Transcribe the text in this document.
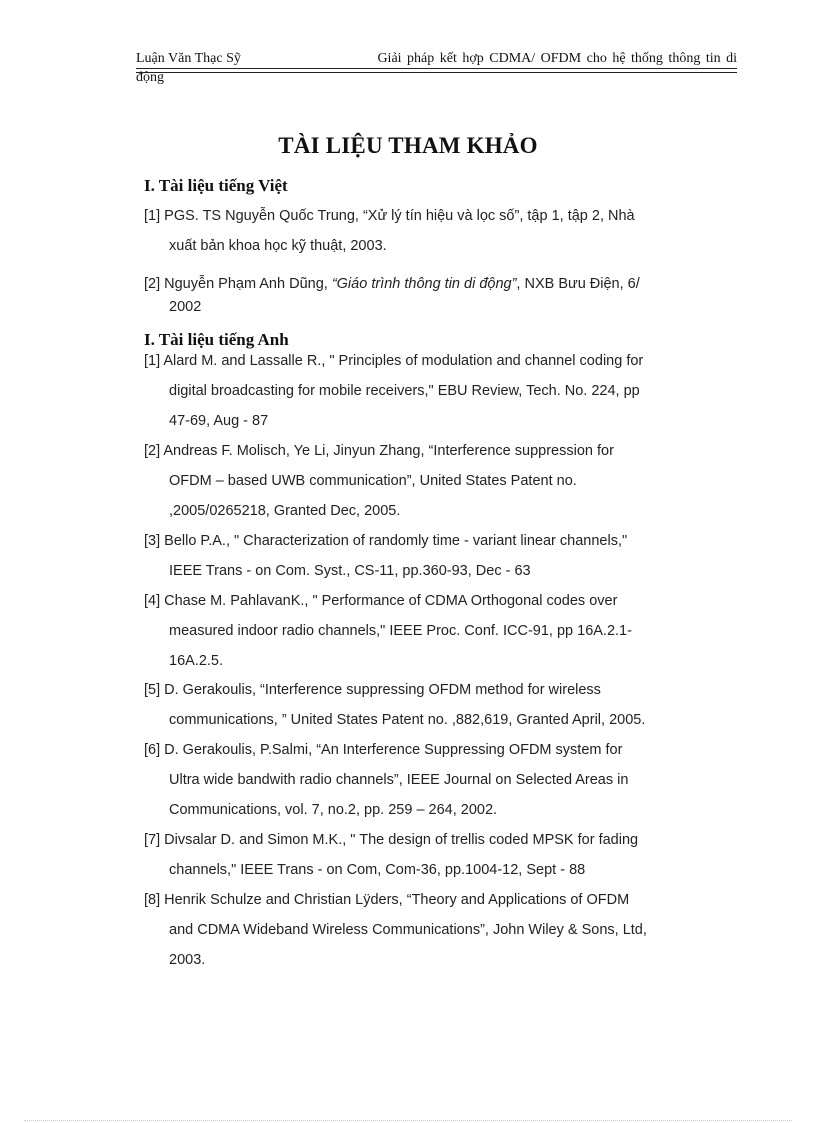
Luận Văn Thạc Sỹ	Giải pháp kết hợp CDMA/ OFDM cho hệ thống thông tin di
động
TÀI LIỆU THAM KHẢO
I. Tài liệu tiếng Việt
[1] PGS. TS Nguyễn Quốc Trung, “Xử lý tín hiệu và lọc số”, tập 1, tập 2, Nhà
xuất bản khoa học kỹ thuật, 2003.
[2] Nguyễn Phạm Anh Dũng, “Giáo trình thông tin di động”, NXB Bưu Điện, 6/
2002
I. Tài liệu tiếng Anh
[1] Alard M. and Lassalle R., " Principles of modulation and channel coding for
digital broadcasting for mobile receivers," EBU Review, Tech. No. 224, pp
47-69, Aug - 87
[2] Andreas F. Molisch, Ye Li, Jinyun Zhang, “Interference suppression for
OFDM – based UWB communication”, United States Patent no.
,2005/0265218, Granted Dec, 2005.
[3] Bello P.A., " Characterization of randomly time - variant linear channels,"
IEEE Trans - on Com. Syst., CS-11, pp.360-93, Dec - 63
[4] Chase M. PahlavanK., " Performance of CDMA Orthogonal codes over
measured indoor radio channels," IEEE Proc. Conf. ICC-91, pp 16A.2.1-
16A.2.5.
[5] D. Gerakoulis, “Interference suppressing OFDM method for wireless
communications, ” United States Patent no. ,882,619, Granted April, 2005.
[6] D. Gerakoulis, P.Salmi, “An Interference Suppressing OFDM system for
Ultra wide bandwith radio channels”, IEEE Journal on Selected Areas in
Communications, vol. 7, no.2, pp. 259 – 264, 2002.
[7] Divsalar D. and Simon M.K., " The design of trellis coded MPSK for fading
channels," IEEE Trans - on Com, Com-36, pp.1004-12, Sept - 88
[8] Henrik Schulze and Christian Lÿders, “Theory and Applications of OFDM
and CDMA Wideband Wireless Communications”, John Wiley & Sons, Ltd,
2003.
